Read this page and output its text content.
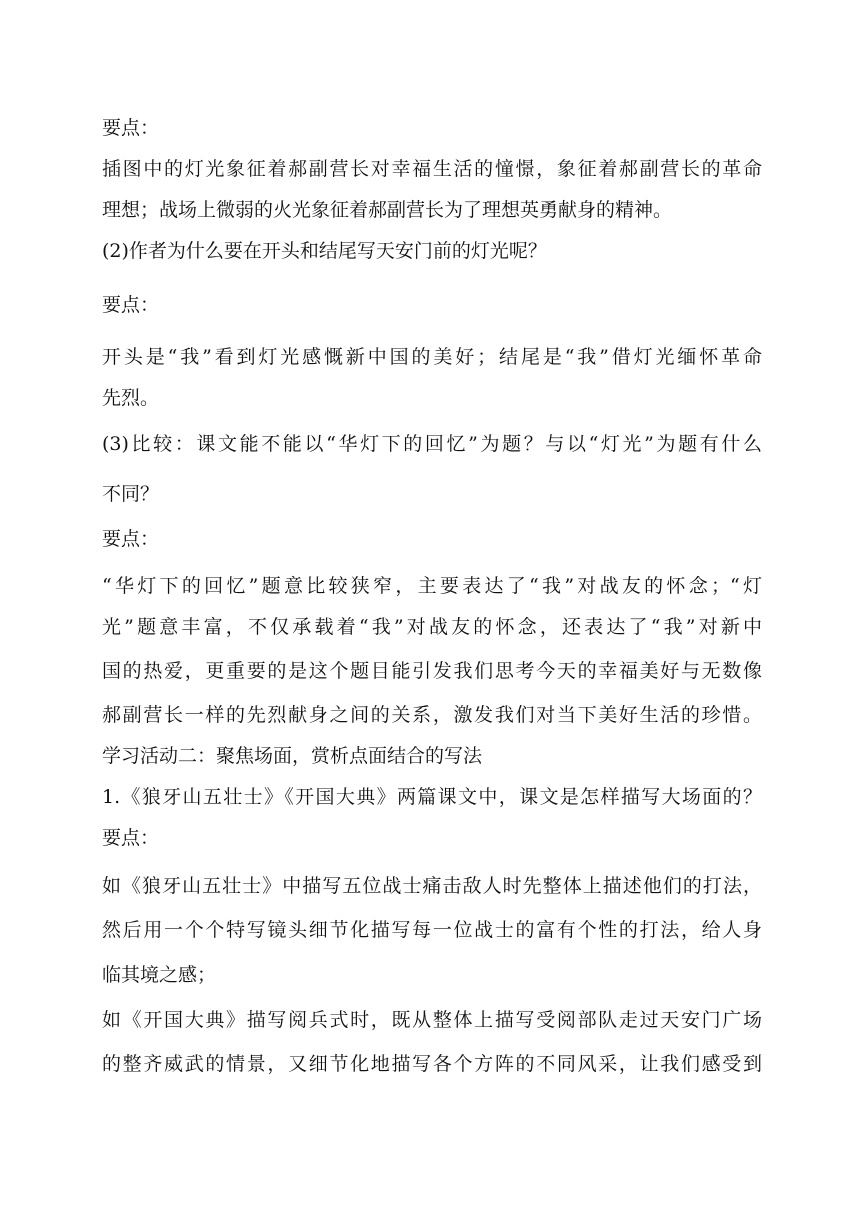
要点：
插图中的灯光象征着郝副营长对幸福生活的憧憬，象征着郝副营长的革命
理想；战场上微弱的火光象征着郝副营长为了理想英勇献身的精神。
(2)作者为什么要在开头和结尾写天安门前的灯光呢？
要点：
开头是“我”看到灯光感慨新中国的美好；结尾是“我”借灯光缅怀革命
先烈。
(3)比较：课文能不能以“华灯下的回忆”为题？与以“灯光”为题有什么
不同？
要点：
“华灯下的回忆”题意比较狭窄，主要表达了“我”对战友的怀念；“灯
光”题意丰富，不仅承载着“我”对战友的怀念，还表达了“我”对新中
国的热爱，更重要的是这个题目能引发我们思考今天的幸福美好与无数像
郝副营长一样的先烈献身之间的关系，激发我们对当下美好生活的珍惜。
学习活动二：聚焦场面，赏析点面结合的写法
1.《狼牙山五壮士》《开国大典》两篇课文中，课文是怎样描写大场面的？
要点：
如《狼牙山五壮士》中描写五位战士痛击敌人时先整体上描述他们的打法，
然后用一个个特写镜头细节化描写每一位战士的富有个性的打法，给人身
临其境之感；
如《开国大典》描写阅兵式时，既从整体上描写受阅部队走过天安门广场
的整齐威武的情景，又细节化地描写各个方阵的不同风采，让我们感受到
